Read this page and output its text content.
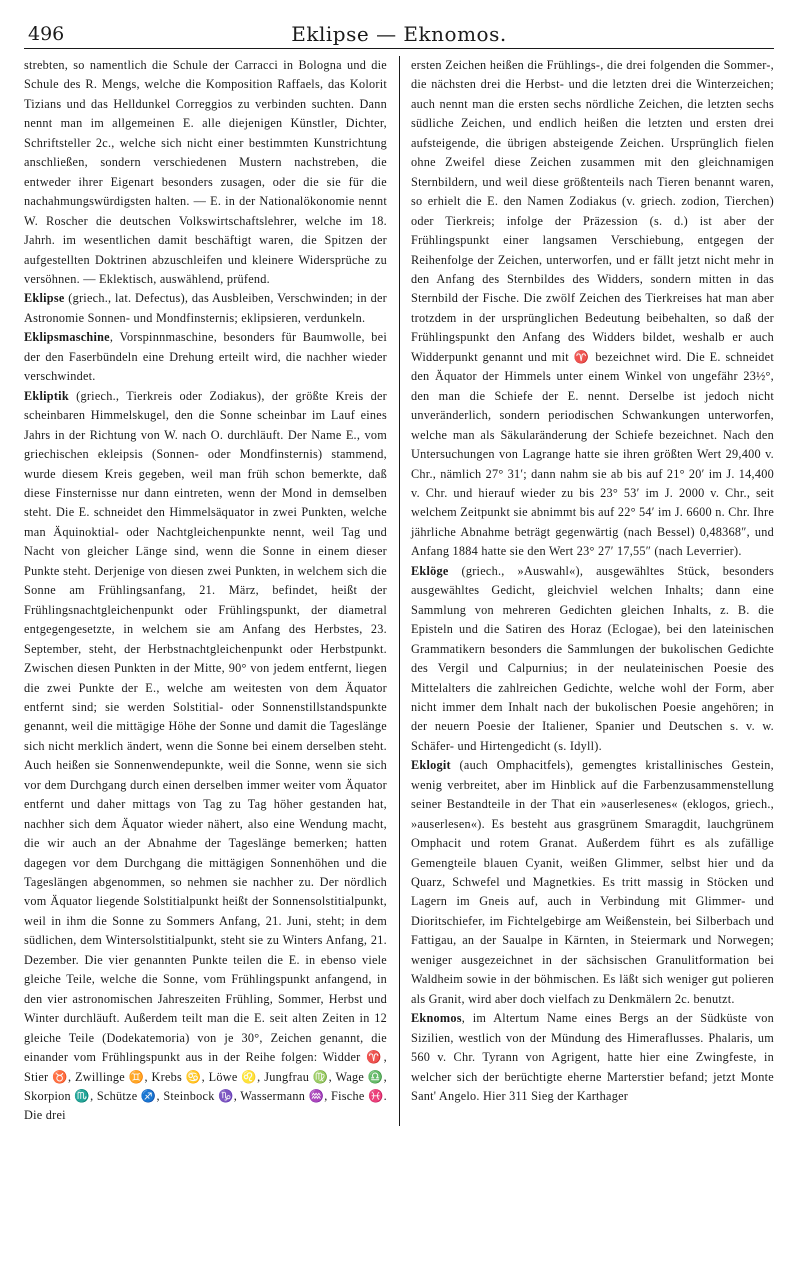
496	Eklipse — Eknomos.

strebten, so namentlich die Schule der Carracci in Bologna und die Schule des R. Mengs, welche die Komposition Raffaels, das Kolorit Tizians und das Helldunkel Correggios zu verbinden suchten. Dann nennt man im allgemeinen E. alle diejenigen Künstler, Dichter, Schriftsteller 2c., welche sich nicht einer bestimmten Kunstrichtung anschließen, sondern verschiedenen Mustern nachstreben, die entweder ihrer Eigenart besonders zusagen, oder die sie für die nachahmungswürdigsten halten. — E. in der Nationalökonomie nennt W. Roscher die deutschen Volkswirtschaftslehrer, welche im 18. Jahrh. im wesentlichen damit beschäftigt waren, die Spitzen der aufgestellten Doktrinen abzuschleifen und kleinere Widersprüche zu versöhnen. — Eklektisch, auswählend, prüfend.

Eklipse (griech., lat. Defectus), das Ausbleiben, Verschwinden; in der Astronomie Sonnen- und Mondfinsternis; eklipsieren, verdunkeln.

Eklipsmaschine, Vorspinnmaschine, besonders für Baumwolle, bei der den Faserbündeln eine Drehung erteilt wird, die nachher wieder verschwindet.

Ekliptik (griech., Tierkreis oder Zodiakus), der größte Kreis der scheinbaren Himmelskugel, den die Sonne scheinbar im Lauf eines Jahrs in der Richtung von W. nach O. durchläuft. Der Name E., vom griechischen ekleipsis (Sonnen- oder Mondfinsternis) stammend, wurde diesem Kreis gegeben, weil man früh schon bemerkte, daß diese Finsternisse nur dann eintreten, wenn der Mond in demselben steht. Die E. schneidet den Himmelsäquator in zwei Punkten, welche man Äquinoktial- oder Nachtgleichenpunkte nennt, weil Tag und Nacht von gleicher Länge sind, wenn die Sonne in einem dieser Punkte steht. Derjenige von diesen zwei Punkten, in welchem sich die Sonne am Frühlingsanfang, 21. März, befindet, heißt der Frühlingsnachtgleichenpunkt oder Frühlingspunkt, der diametral entgegengesetzte, in welchem sie am Anfang des Herbstes, 23. September, steht, der Herbstnachtgleichenpunkt oder Herbstpunkt. Zwischen diesen Punkten in der Mitte, 90° von jedem entfernt, liegen die zwei Punkte der E., welche am weitesten von dem Äquator entfernt sind; sie werden Solstitial- oder Sonnenstillstandspunkte genannt, weil die mittägige Höhe der Sonne und damit die Tageslänge sich nicht merklich ändert, wenn die Sonne bei einem derselben steht. Auch heißen sie Sonnenwendepunkte, weil die Sonne, wenn sie sich vor dem Durchgang durch einen derselben immer weiter vom Äquator entfernt und daher mittags von Tag zu Tag höher gestanden hat, nachher sich dem Äquator wieder nähert, also eine Wendung macht, die wir auch an der Abnahme der Tageslänge bemerken; hatten dagegen vor dem Durchgang die mittägigen Sonnenhöhen und die Tageslängen abgenommen, so nehmen sie nachher zu. Der nördlich vom Äquator liegende Solstitialpunkt heißt der Sonnensolstitialpunkt, weil in ihm die Sonne zu Sommers Anfang, 21. Juni, steht; in dem südlichen, dem Wintersolstitialpunkt, steht sie zu Winters Anfang, 21. Dezember. Die vier genannten Punkte teilen die E. in ebenso viele gleiche Teile, welche die Sonne, vom Frühlingspunkt anfangend, in den vier astronomischen Jahreszeiten Frühling, Sommer, Herbst und Winter durchläuft. Außerdem teilt man die E. seit alten Zeiten in 12 gleiche Teile (Dodekatemoria) von je 30°, Zeichen genannt, die einander vom Frühlingspunkt aus in der Reihe folgen: Widder ♈, Stier ♉, Zwillinge ♊, Krebs ♋, Löwe ♌, Jungfrau ♍, Wage ♎, Skorpion ♏, Schütze ♐, Steinbock ♑, Wassermann ♒, Fische ♓. Die drei

ersten Zeichen heißen die Frühlings-, die drei folgenden die Sommer-, die nächsten drei die Herbst- und die letzten drei die Winterzeichen; auch nennt man die ersten sechs nördliche Zeichen, die letzten sechs südliche Zeichen, und endlich heißen die letzten und ersten drei aufsteigende, die übrigen absteigende Zeichen. Ursprünglich fielen ohne Zweifel diese Zeichen zusammen mit den gleichnamigen Sternbildern, und weil diese größtenteils nach Tieren benannt waren, so erhielt die E. den Namen Zodiakus (v. griech. zodion, Tierchen) oder Tierkreis; infolge der Präzession (s. d.) ist aber der Frühlingspunkt einer langsamen Verschiebung, entgegen der Reihenfolge der Zeichen, unterworfen, und er fällt jetzt nicht mehr in den Anfang des Sternbildes des Widders, sondern mitten in das Sternbild der Fische. Die zwölf Zeichen des Tierkreises hat man aber trotzdem in der ursprünglichen Bedeutung beibehalten, so daß der Frühlingspunkt den Anfang des Widders bildet, weshalb er auch Widderpunkt genannt und mit ♈ bezeichnet wird. Die E. schneidet den Äquator der Himmels unter einem Winkel von ungefähr 23½°, den man die Schiefe der E. nennt. Derselbe ist jedoch nicht unveränderlich, sondern periodischen Schwankungen unterworfen, welche man als Säkularänderung der Schiefe bezeichnet. Nach den Untersuchungen von Lagrange hatte sie ihren größten Wert 29,400 v. Chr., nämlich 27° 31′; dann nahm sie ab bis auf 21° 20′ im J. 14,400 v. Chr. und hierauf wieder zu bis 23° 53′ im J. 2000 v. Chr., seit welchem Zeitpunkt sie abnimmt bis auf 22° 54′ im J. 6600 n. Chr. Ihre jährliche Abnahme beträgt gegenwärtig (nach Bessel) 0,48368″, und Anfang 1884 hatte sie den Wert 23° 27′ 17,55″ (nach Leverrier).

Eklöge (griech., »Auswahl«), ausgewähltes Stück, besonders ausgewähltes Gedicht, gleichviel welchen Inhalts; dann eine Sammlung von mehreren Gedichten gleichen Inhalts, z. B. die Episteln und die Satiren des Horaz (Eclogae), bei den lateinischen Grammatikern besonders die Sammlungen der bukolischen Gedichte des Vergil und Calpurnius; in der neulateinischen Poesie des Mittelalters die zahlreichen Gedichte, welche wohl der Form, aber nicht immer dem Inhalt nach der bukolischen Poesie angehören; in der neuern Poesie der Italiener, Spanier und Deutschen s. v. w. Schäfer- und Hirtengedicht (s. Idyll).

Eklogit (auch Omphacitfels), gemengtes kristallinisches Gestein, wenig verbreitet, aber im Hinblick auf die Farbenzusammenstellung seiner Bestandteile in der That ein »auserlesenes« (eklogos, griech., »auserlesen«). Es besteht aus grasgrünem Smaragdit, lauchgrünem Omphacit und rotem Granat. Außerdem führt es als zufällige Gemengteile blauen Cyanit, weißen Glimmer, selbst hier und da Quarz, Schwefel und Magnetkies. Es tritt massig in Stöcken und Lagern im Gneis auf, auch in Verbindung mit Glimmer- und Dioritschiefer, im Fichtelgebirge am Weißenstein, bei Silberbach und Fattigau, an der Saualpe in Kärnten, in Steiermark und Norwegen; weniger ausgezeichnet in der sächsischen Granulitformation bei Waldheim sowie in der böhmischen. Es läßt sich weniger gut polieren als Granit, wird aber doch vielfach zu Denkmälern 2c. benutzt.

Eknomos, im Altertum Name eines Bergs an der Südküste von Sizilien, westlich von der Mündung des Himeraflusses. Phalaris, um 560 v. Chr. Tyrann von Agrigent, hatte hier eine Zwingfeste, in welcher sich der berüchtigte eherne Marterstier befand; jetzt Monte Sant' Angelo. Hier 311 Sieg der Karthager
